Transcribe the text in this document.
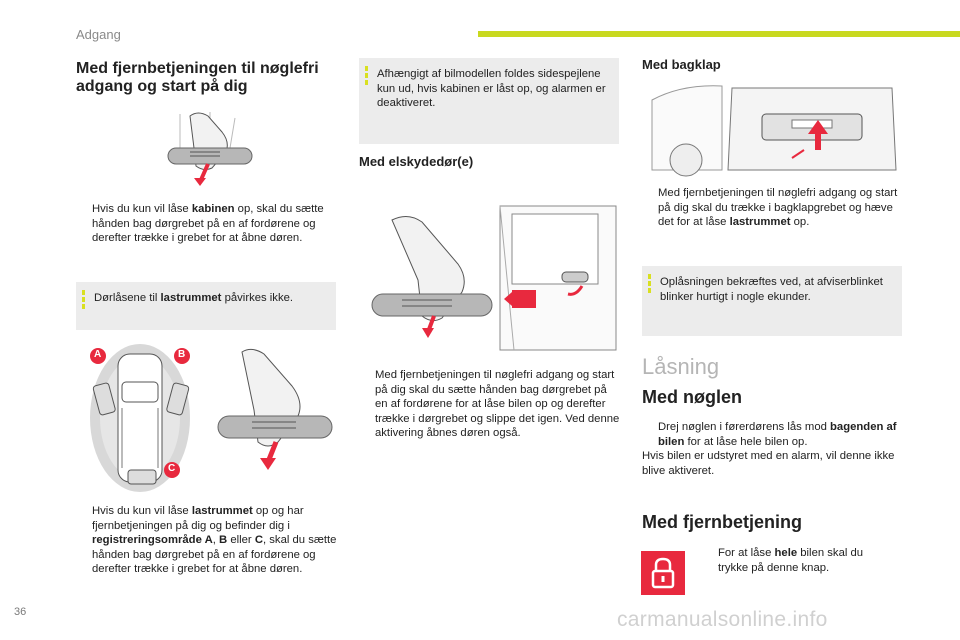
Adgang
Med fjernbetjeningen til nøglefri adgang og start på dig
Hvis du kun vil låse kabinen op, skal du sætte hånden bag dørgrebet på en af fordørene og derefter trække i grebet for at åbne døren.
Dørlåsene til lastrummet påvirkes ikke.
A	B
C
Hvis du kun vil låse lastrummet op og har fjernbetjeningen på dig og befinder dig i registreringsområde A, B eller C, skal du sætte hånden bag dørgrebet på en af fordørene og derefter trække i grebet for at åbne døren.
Afhængigt af bilmodellen foldes sidespejlene kun ud, hvis kabinen er låst op, og alarmen er deaktiveret.
Med elskydedør(e)
Med fjernbetjeningen til nøglefri adgang og start på dig skal du sætte hånden bag dørgrebet på en af fordørene for at låse bilen op og derefter trække i dørgrebet og slippe det igen. Ved denne aktivering åbnes døren også.
Med bagklap
Med fjernbetjeningen til nøglefri adgang og start på dig skal du trække i bagklapgrebet og hæve det for at låse lastrummet op.
Oplåsningen bekræftes ved, at afviserblinket blinker hurtigt i nogle ekunder.
Låsning
Med nøglen
Drej nøglen i førerdørens lås mod bagenden af bilen for at låse hele bilen op.
Hvis bilen er udstyret med en alarm, vil denne ikke blive aktiveret.
Med fjernbetjening
For at låse hele bilen skal du trykke på denne knap.
36	carmanualsonline.info
